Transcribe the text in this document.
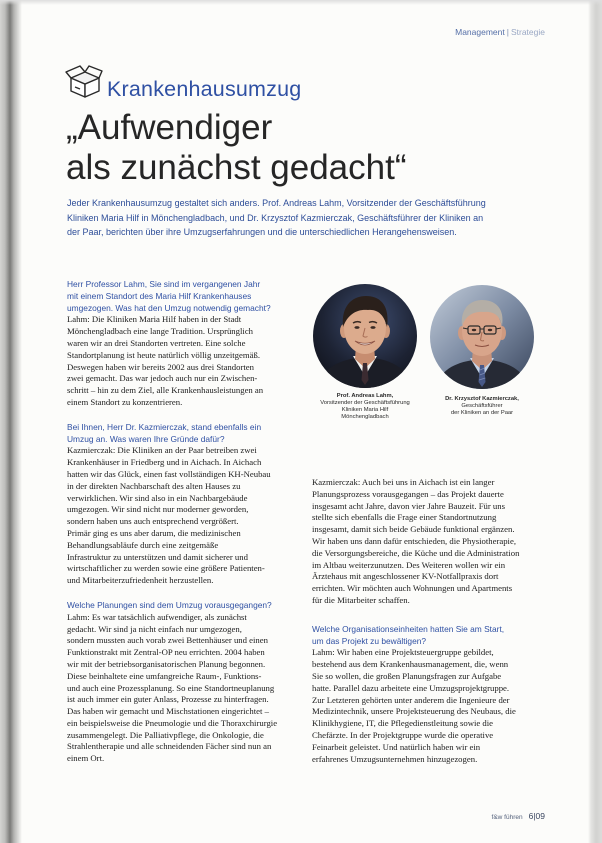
Management | Strategie
Krankenhausumzug
„Aufwendiger
als zunächst gedacht“
Jeder Krankenhausumzug gestaltet sich anders. Prof. Andreas Lahm, Vorsitzender der Geschäftsführung
Kliniken Maria Hilf in Mönchengladbach, und Dr. Krzysztof Kazmierczak, Geschäftsführer der Kliniken an
der Paar, berichten über ihre Umzugserfahrungen und die unterschiedlichen Herangehensweisen.
Herr Professor Lahm, Sie sind im vergangenen Jahr
mit einem Standort des Maria Hilf Krankenhauses
umgezogen. Was hat den Umzug notwendig gemacht?
Lahm: Die Kliniken Maria Hilf haben in der Stadt
Mönchengladbach eine lange Tradition. Ursprünglich
waren wir an drei Standorten vertreten. Eine solche
Standortplanung ist heute natürlich völlig unzeitgemäß.
Deswegen haben wir bereits 2002 aus drei Standorten
zwei gemacht. Das war jedoch auch nur ein Zwischen-
schritt – hin zu dem Ziel, alle Krankenhausleistungen an
einem Standort zu konzentrieren.
Bei Ihnen, Herr Dr. Kazmierczak, stand ebenfalls ein
Umzug an. Was waren Ihre Gründe dafür?
Kazmierczak: Die Kliniken an der Paar betreiben zwei
Krankenhäuser in Friedberg und in Aichach. In Aichach
hatten wir das Glück, einen fast vollständigen KH-Neubau
in der direkten Nachbarschaft des alten Hauses zu
verwirklichen. Wir sind also in ein Nachbargebäude
umgezogen. Wir sind nicht nur moderner geworden,
sondern haben uns auch entsprechend vergrößert.
Primär ging es uns aber darum, die medizinischen
Behandlungsabläufe durch eine zeitgemäße
Infrastruktur zu unterstützen und damit sicherer und
wirtschaftlicher zu werden sowie eine größere Patienten-
und Mitarbeiterzufriedenheit herzustellen.
Welche Planungen sind dem Umzug vorausgegangen?
Lahm: Es war tatsächlich aufwendiger, als zunächst
gedacht. Wir sind ja nicht einfach nur umgezogen,
sondern mussten auch vorab zwei Bettenhäuser und einen
Funktionstrakt mit Zentral-OP neu errichten. 2004 haben
wir mit der betriebsorganisatorischen Planung begonnen.
Diese beinhaltete eine umfangreiche Raum-, Funktions-
und auch eine Prozessplanung. So eine Standortneuplanung
ist auch immer ein guter Anlass, Prozesse zu hinterfragen.
Das haben wir gemacht und Mischstationen eingerichtet –
ein beispielsweise die Pneumologie und die Thoraxchirurgie
zusammengelegt. Die Palliativpflege, die Onkologie, die
Strahlentherapie und alle schneidenden Fächer sind nun an
einem Ort.
Kazmierczak: Auch bei uns in Aichach ist ein langer
Planungsprozess vorausgegangen – das Projekt dauerte
insgesamt acht Jahre, davon vier Jahre Bauzeit. Für uns
stellte sich ebenfalls die Frage einer Standortnutzung
insgesamt, damit sich beide Gebäude funktional ergänzen.
Wir haben uns dann dafür entschieden, die Physiotherapie,
die Versorgungsbereiche, die Küche und die Administration
im Altbau weiterzunutzen. Des Weiteren wollen wir ein
Ärztehaus mit angeschlossener KV-Notfallpraxis dort
errichten. Wir möchten auch Wohnungen und Apartments
für die Mitarbeiter schaffen.
Welche Organisationseinheiten hatten Sie am Start,
um das Projekt zu bewältigen?
Lahm: Wir haben eine Projektsteuergruppe gebildet,
bestehend aus dem Krankenhausmanagement, die, wenn
Sie so wollen, die großen Planungsfragen zur Aufgabe
hatte. Parallel dazu arbeitete eine Umzugsprojektgruppe.
Zur Letzteren gehörten unter anderem die Ingenieure der
Medizintechnik, unsere Projektsteuerung des Neubaus, die
Klinikhygiene, IT, die Pflegedienstleitung sowie die
Chefärzte. In der Projektgruppe wurde die operative
Feinarbeit geleistet. Und natürlich haben wir ein
erfahrenes Umzugsunternehmen hinzugezogen.
Prof. Andreas Lahm,
Vorsitzender der Geschäftsführung
Kliniken Maria Hilf
Mönchengladbach
Dr. Krzysztof Kazmierczak,
Geschäftsführer
der Kliniken an der Paar
f&w führen 6|09
